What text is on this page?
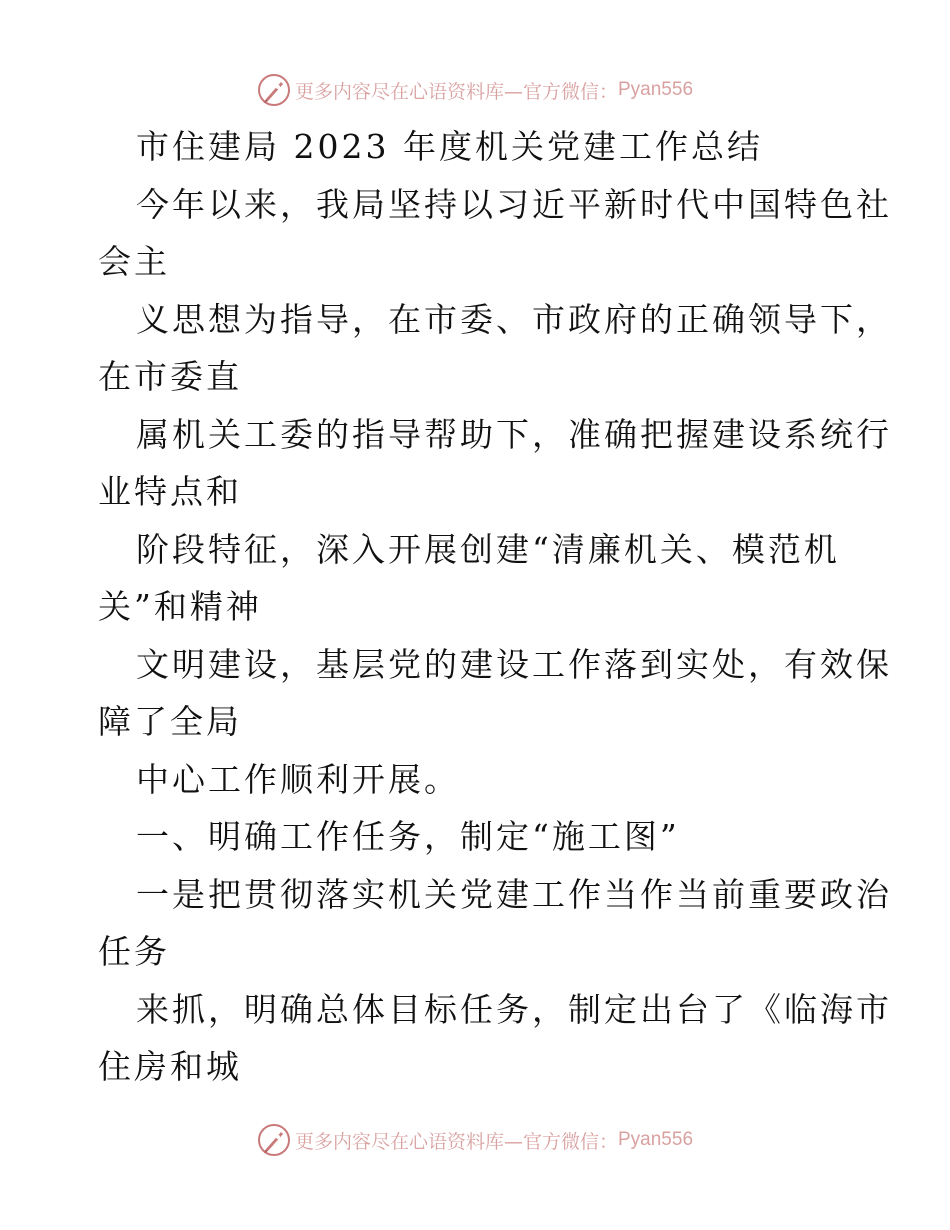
更多内容尽在心语资料库—官方微信： Pyan556
市住建局 2023 年度机关党建工作总结
今年以来，我局坚持以习近平新时代中国特色社
会主
义思想为指导，在市委、市政府的正确领导下，
在市委直
属机关工委的指导帮助下，准确把握建设系统行
业特点和
阶段特征，深入开展创建“清廉机关、模范机
关”和精神
文明建设，基层党的建设工作落到实处，有效保
障了全局
中心工作顺利开展。
一、明确工作任务，制定“施工图”
一是把贯彻落实机关党建工作当作当前重要政治
任务
来抓，明确总体目标任务，制定出台了《临海市
住房和城
更多内容尽在心语资料库—官方微信： Pyan556
